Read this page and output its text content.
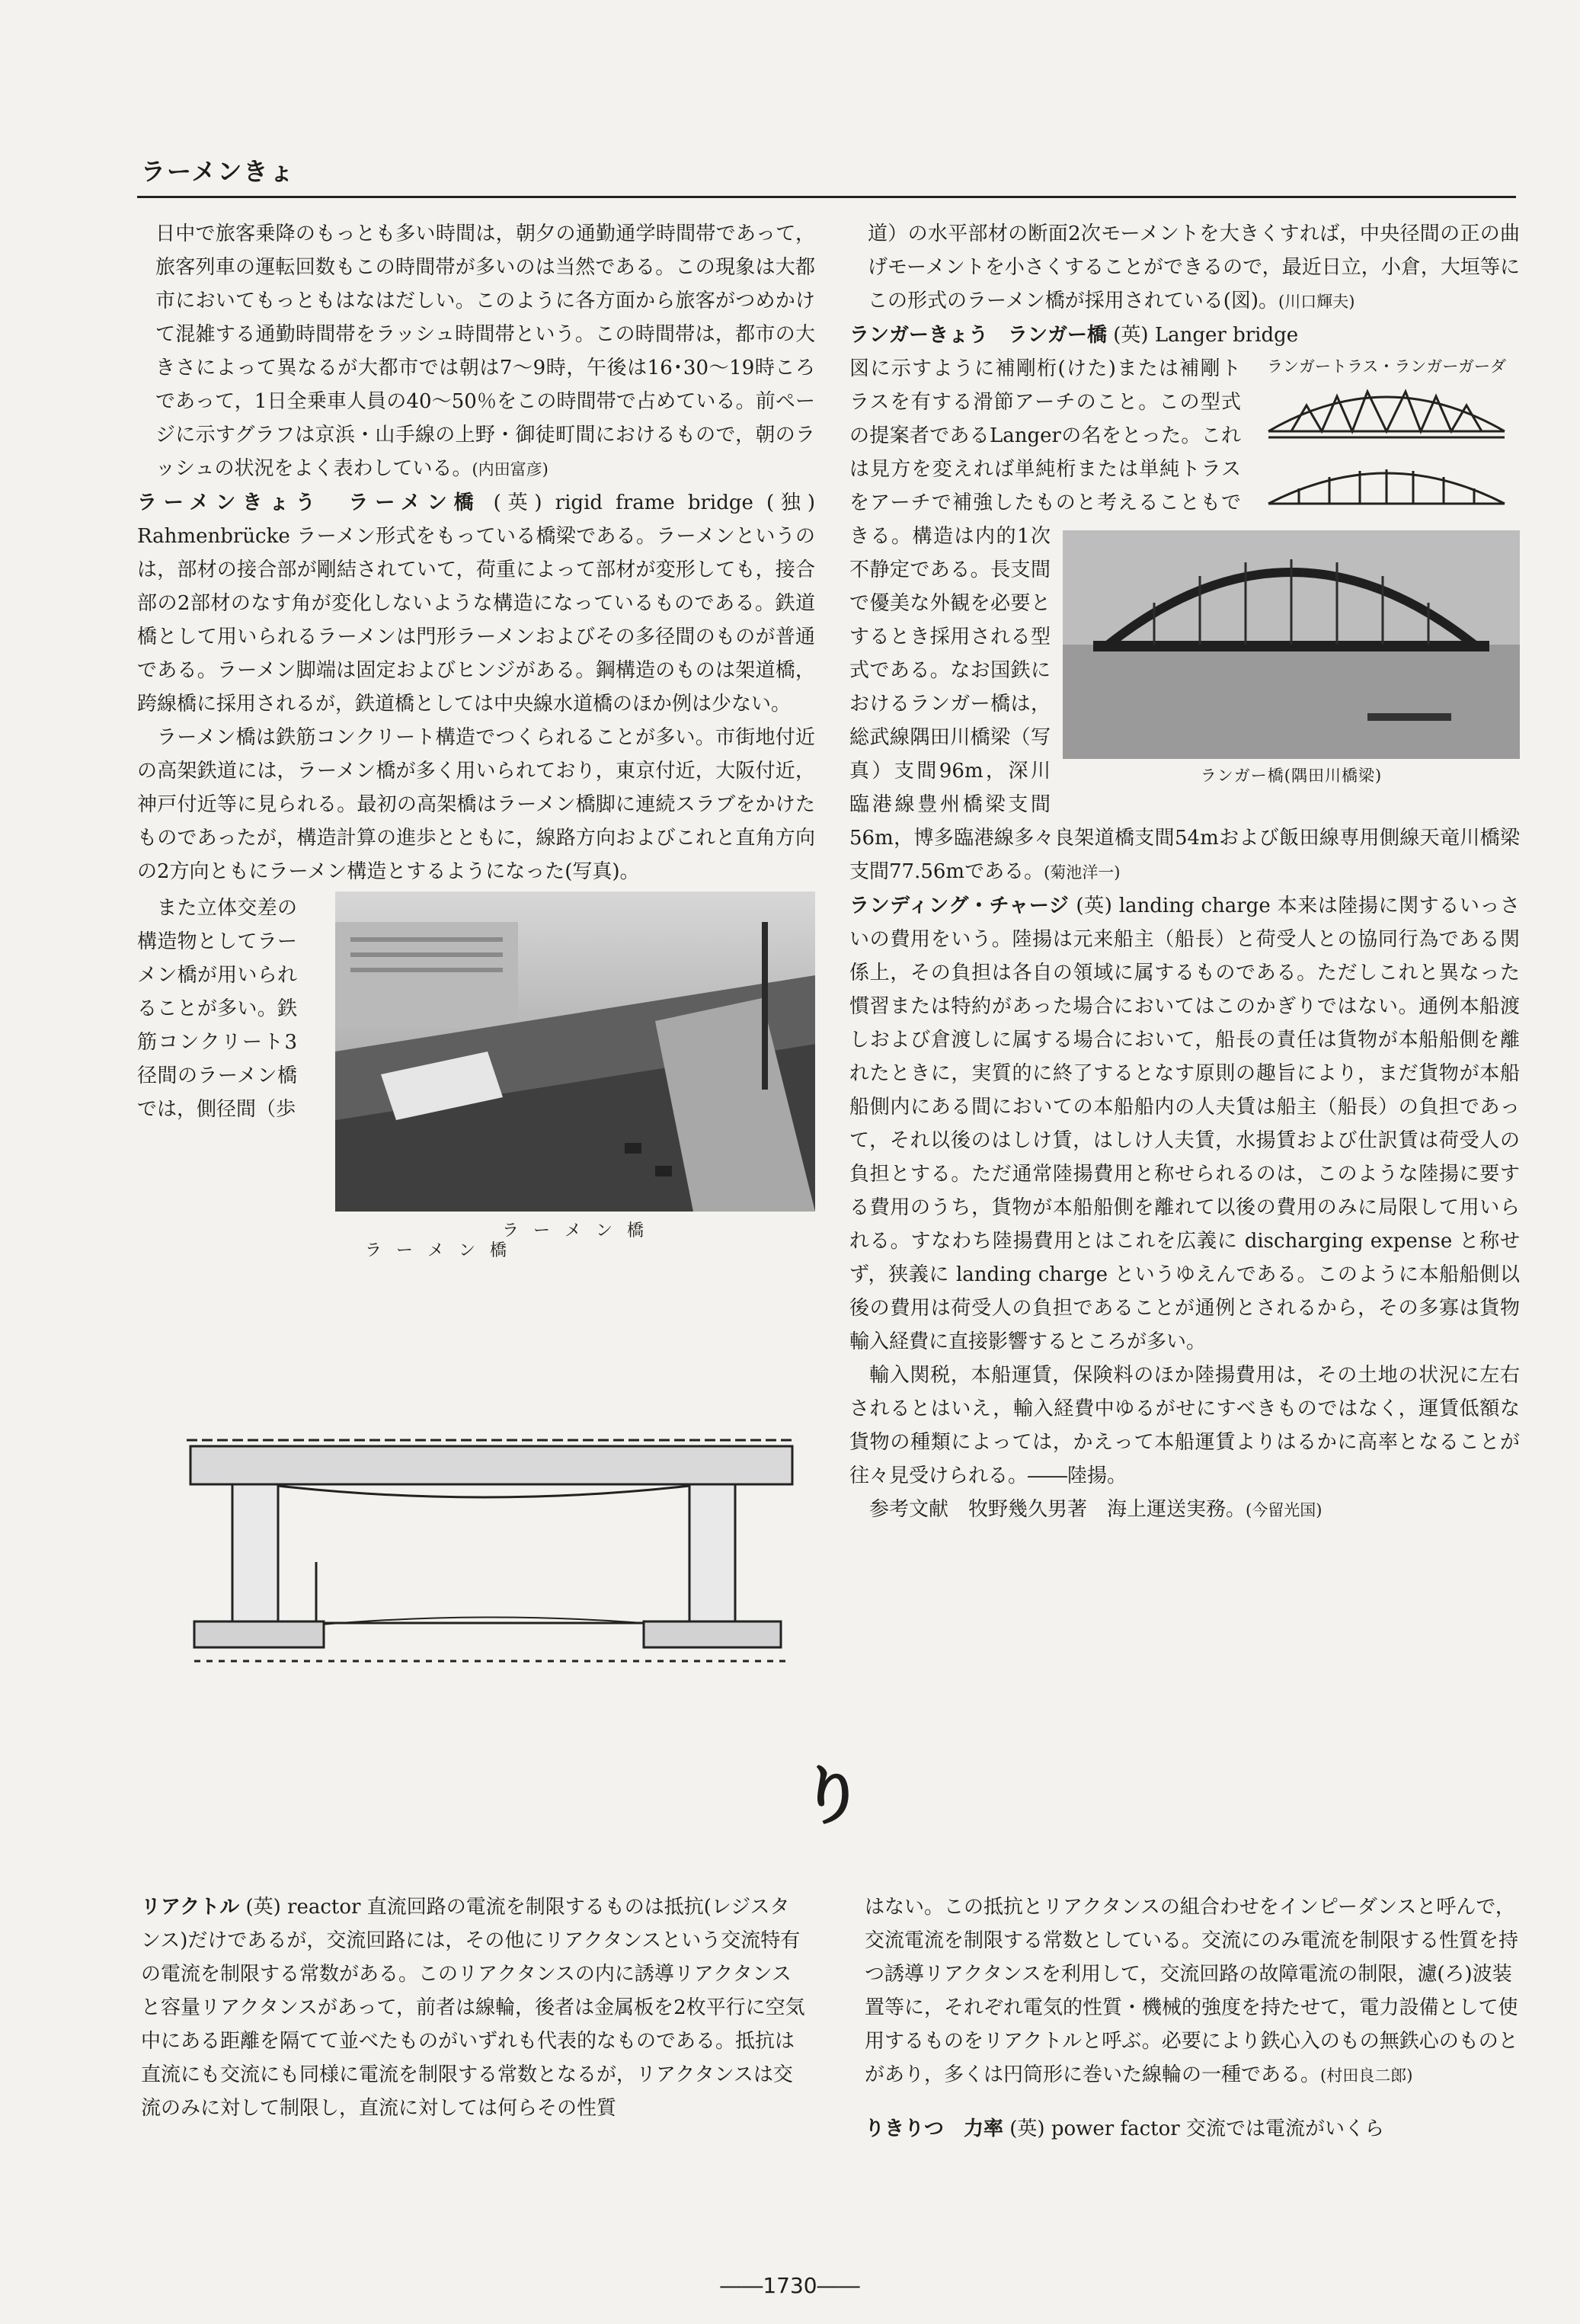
ラーメンきょ

日中で旅客乗降のもっとも多い時間は，朝夕の通勤通学時間帯であって，旅客列車の運転回数もこの時間帯が多いのは当然である。この現象は大都市においてもっともはなはだしい。このように各方面から旅客がつめかけて混雑する通勤時間帯をラッシュ時間帯という。この時間帯は，都市の大きさによって異なるが大都市では朝は7～9時，午後は16･30～19時ころであって，1日全乗車人員の40～50％をこの時間帯で占めている。前ページに示すグラフは京浜・山手線の上野・御徒町間におけるもので，朝のラッシュの状況をよく表わしている。(内田富彦)

ラーメンきょう　ラーメン橋 (英) rigid frame bridge (独) Rahmenbrücke ラーメン形式をもっている橋梁である。ラーメンというのは，部材の接合部が剛結されていて，荷重によって部材が変形しても，接合部の2部材のなす角が変化しないような構造になっているものである。鉄道橋として用いられるラーメンは門形ラーメンおよびその多径間のものが普通である。ラーメン脚端は固定およびヒンジがある。鋼構造のものは架道橋，跨線橋に採用されるが，鉄道橋としては中央線水道橋のほか例は少ない。

ラーメン橋は鉄筋コンクリート構造でつくられることが多い。市街地付近の高架鉄道には，ラーメン橋が多く用いられており，東京付近，大阪付近，神戸付近等に見られる。最初の高架橋はラーメン橋脚に連続スラブをかけたものであったが，構造計算の進歩とともに，線路方向およびこれと直角方向の2方向ともにラーメン構造とするようになった(写真)。

また立体交差の構造物としてラーメン橋が用いられることが多い。鉄筋コンクリート3径間のラーメン橋では，側径間（歩

ラ ー メ ン 橋
ラ ー メ ン 橋

道）の水平部材の断面2次モーメントを大きくすれば，中央径間の正の曲げモーメントを小さくすることができるので，最近日立，小倉，大垣等にこの形式のラーメン橋が採用されている(図)。(川口輝夫)

ランガーきょう　ランガー橋 (英) Langer bridge

ランガートラス・ランガーガーダ
ランガー橋(隅田川橋梁)

図に示すように補剛桁(けた)または補剛トラスを有する滑節アーチのこと。この型式の提案者であるLangerの名をとった。これは見方を変えれば単純桁または単純トラスをアーチで補強したものと考えることもできる。構造は内的1次不静定である。長支間で優美な外観を必要とするとき採用される型式である。なお国鉄におけるランガー橋は，総武線隅田川橋梁（写真）支間96m，深川臨港線豊州橋梁支間56m，博多臨港線多々良架道橋支間54mおよび飯田線専用側線天竜川橋梁支間77.56mである。(菊池洋一)

ランディング・チャージ (英) landing charge 本来は陸揚に関するいっさいの費用をいう。陸揚は元来船主（船長）と荷受人との協同行為である関係上，その負担は各自の領域に属するものである。ただしこれと異なった慣習または特約があった場合においてはこのかぎりではない。通例本船渡しおよび倉渡しに属する場合において，船長の責任は貨物が本船船側を離れたときに，実質的に終了するとなす原則の趣旨により，まだ貨物が本船船側内にある間においての本船船内の人夫賃は船主（船長）の負担であって，それ以後のはしけ賃，はしけ人夫賃，水揚賃および仕訳賃は荷受人の負担とする。ただ通常陸揚費用と称せられるのは，このような陸揚に要する費用のうち，貨物が本船船側を離れて以後の費用のみに局限して用いられる。すなわち陸揚費用とはこれを広義に discharging expense と称せず，狭義に landing charge というゆえんである。このように本船船側以後の費用は荷受人の負担であることが通例とされるから，その多寡は貨物輸入経費に直接影響するところが多い。

輸入関税，本船運賃，保険料のほか陸揚費用は，その土地の状況に左右されるとはいえ，輸入経費中ゆるがせにすべきものではなく，運賃低額な貨物の種類によっては，かえって本船運賃よりはるかに高率となることが往々見受けられる。――陸揚。

参考文献　牧野幾久男著　海上運送実務。(今留光国)

り

リアクトル (英) reactor 直流回路の電流を制限するものは抵抗(レジスタンス)だけであるが，交流回路には，その他にリアクタンスという交流特有の電流を制限する常数がある。このリアクタンスの内に誘導リアクタンスと容量リアクタンスがあって，前者は線輪，後者は金属板を2枚平行に空気中にある距離を隔てて並べたものがいずれも代表的なものである。抵抗は直流にも交流にも同様に電流を制限する常数となるが，リアクタンスは交流のみに対して制限し，直流に対しては何らその性質

はない。この抵抗とリアクタンスの組合わせをインピーダンスと呼んで，交流電流を制限する常数としている。交流にのみ電流を制限する性質を持つ誘導リアクタンスを利用して，交流回路の故障電流の制限，濾(ろ)波装置等に，それぞれ電気的性質・機械的強度を持たせて，電力設備として使用するものをリアクトルと呼ぶ。必要により鉄心入のもの無鉄心のものとがあり，多くは円筒形に巻いた線輪の一種である。(村田良二郎)

りきりつ　力率 (英) power factor 交流では電流がいくら

――1730――
